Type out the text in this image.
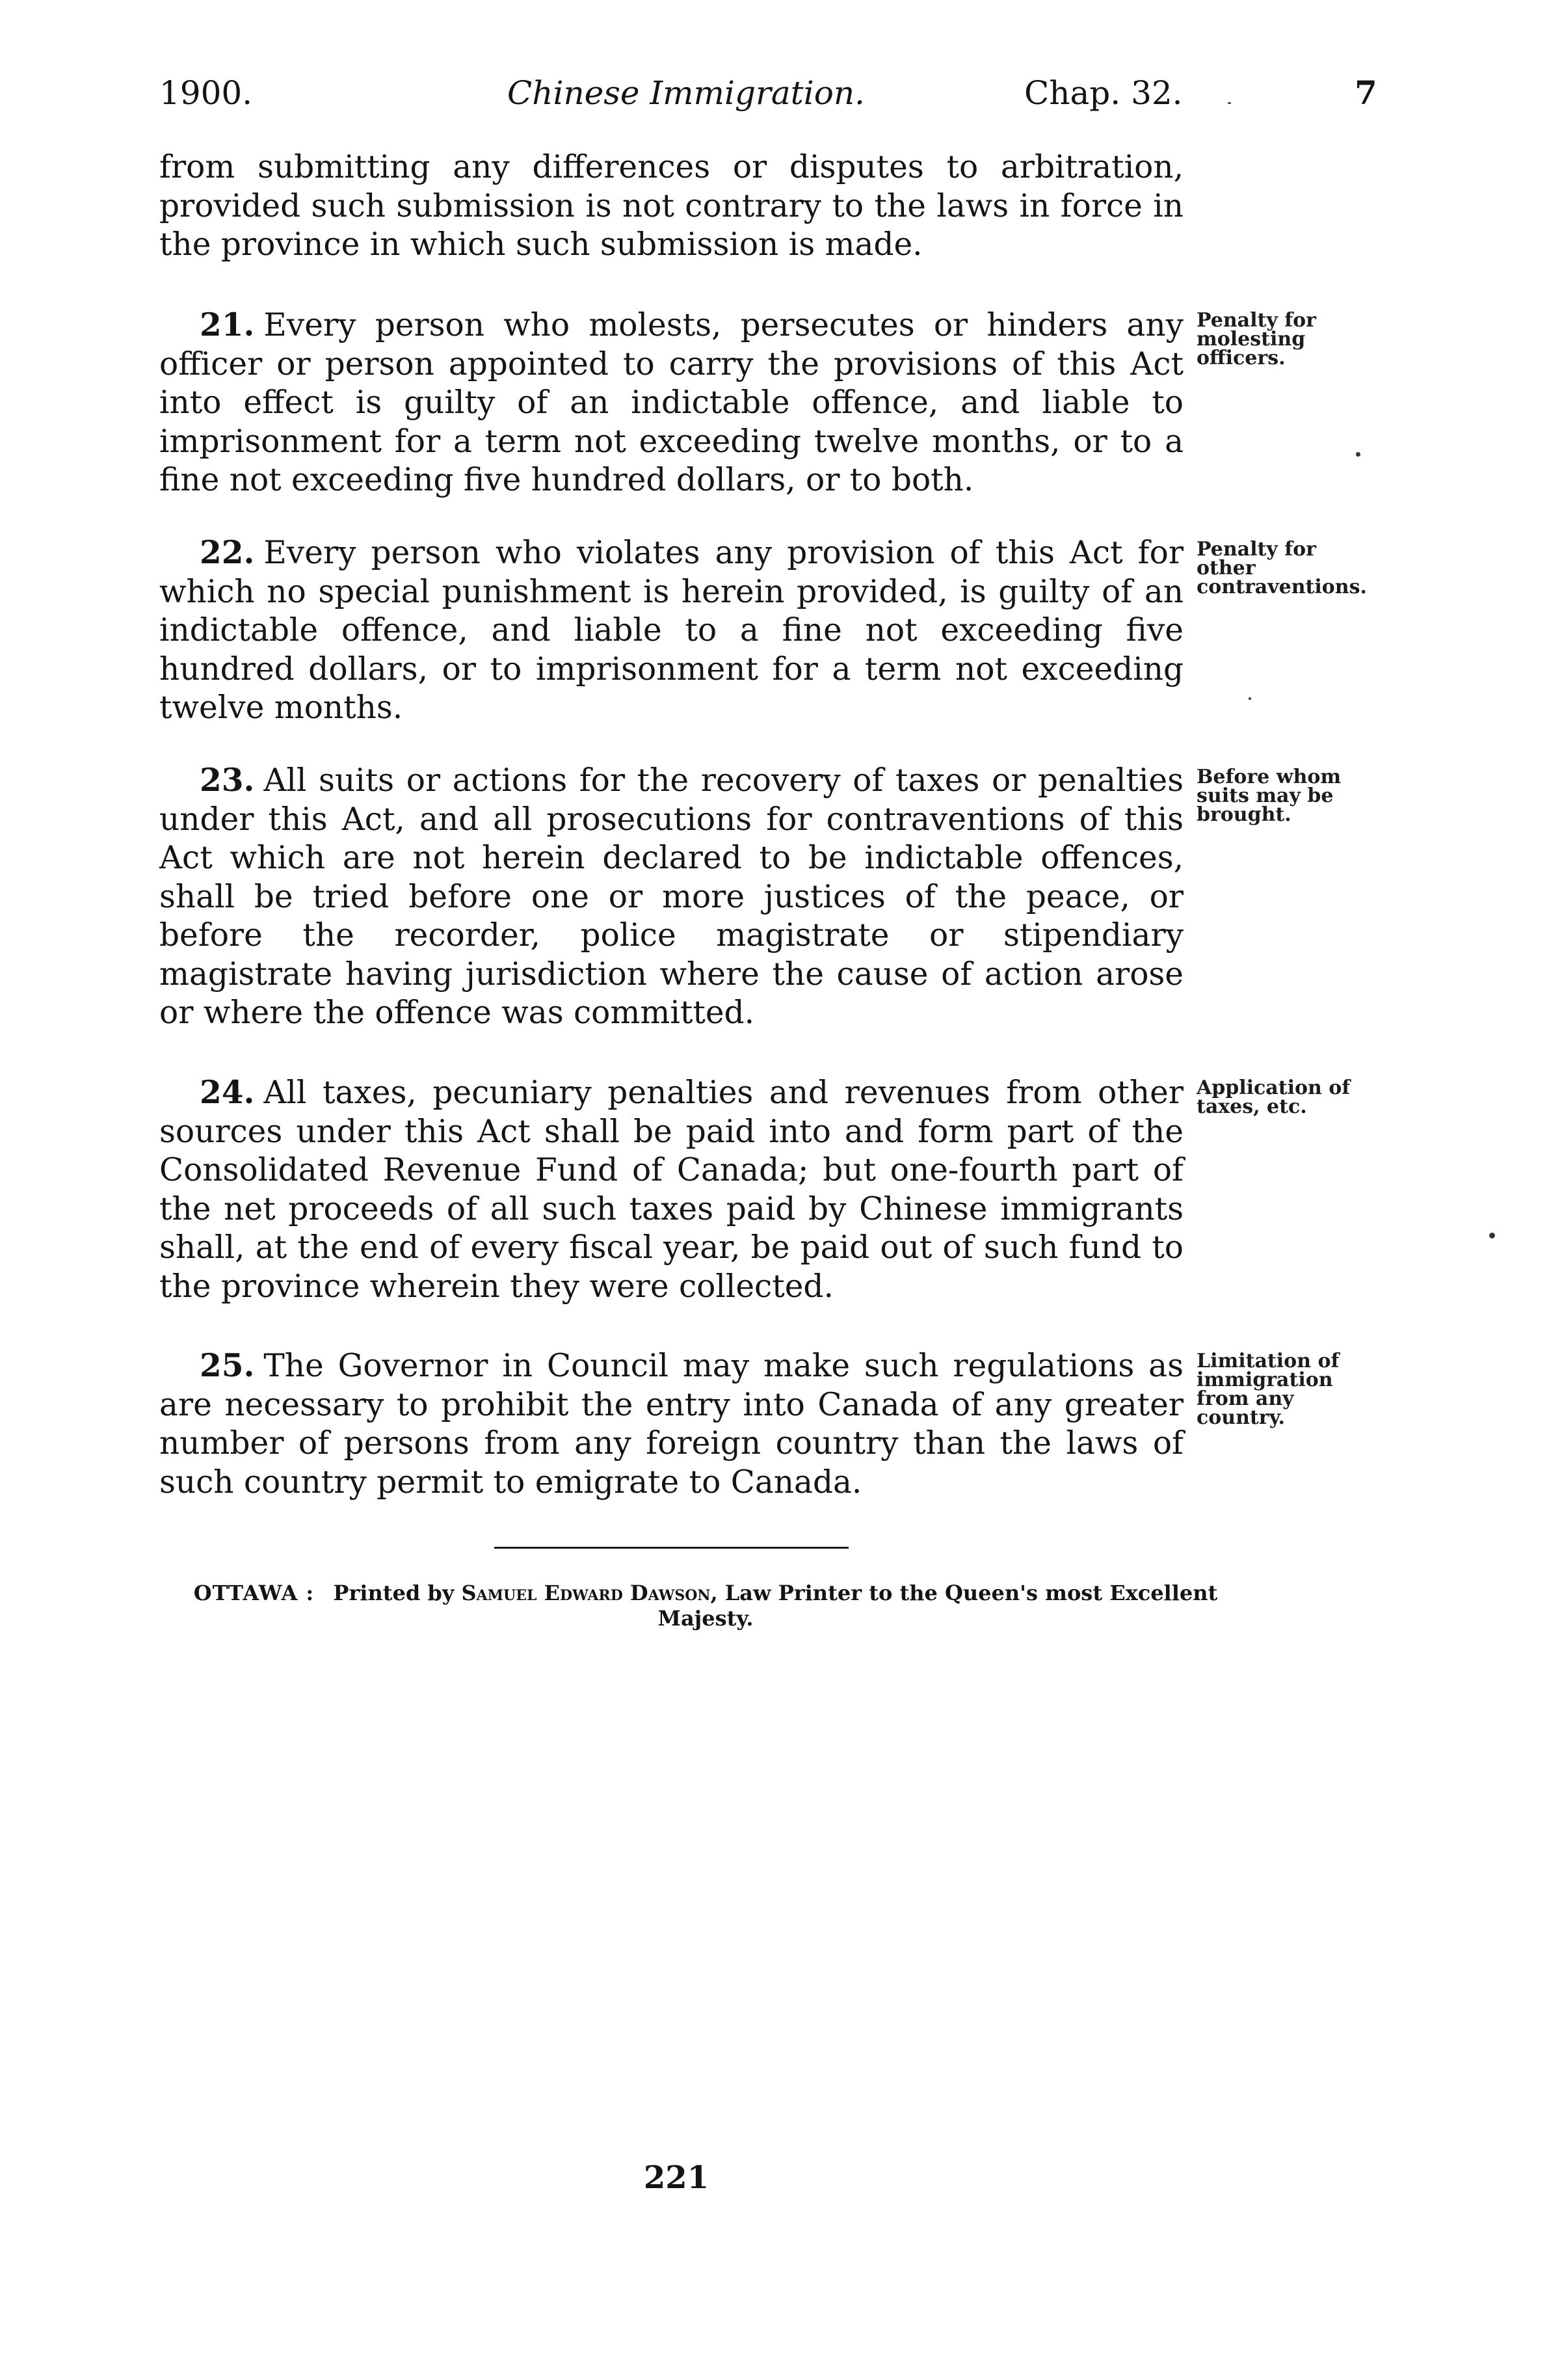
1900.	Chinese Immigration.	Chap. 32.	7

from submitting any differences or disputes to arbitration, provided such submission is not contrary to the laws in force in the province in which such submission is made.

21. Every person who molests, persecutes or hinders any officer or person appointed to carry the provisions of this Act into effect is guilty of an indictable offence, and liable to imprisonment for a term not exceeding twelve months, or to a fine not exceeding five hundred dollars, or to both.

Penalty for molesting officers.

22. Every person who violates any provision of this Act for which no special punishment is herein provided, is guilty of an indictable offence, and liable to a fine not exceeding five hundred dollars, or to imprisonment for a term not exceeding twelve months.

Penalty for other contraventions.

23. All suits or actions for the recovery of taxes or penalties under this Act, and all prosecutions for contraventions of this Act which are not herein declared to be indictable offences, shall be tried before one or more justices of the peace, or before the recorder, police magistrate or stipendiary magistrate having jurisdiction where the cause of action arose or where the offence was committed.

Before whom suits may be brought.

24. All taxes, pecuniary penalties and revenues from other sources under this Act shall be paid into and form part of the Consolidated Revenue Fund of Canada; but one-fourth part of the net proceeds of all such taxes paid by Chinese immigrants shall, at the end of every fiscal year, be paid out of such fund to the province wherein they were collected.

Application of taxes, etc.

25. The Governor in Council may make such regulations as are necessary to prohibit the entry into Canada of any greater number of persons from any foreign country than the laws of such country permit to emigrate to Canada.

Limitation of immigration from any country.
OTTAWA : Printed by Samuel Edward Dawson, Law Printer to the Queen's most Excellent Majesty.
221
